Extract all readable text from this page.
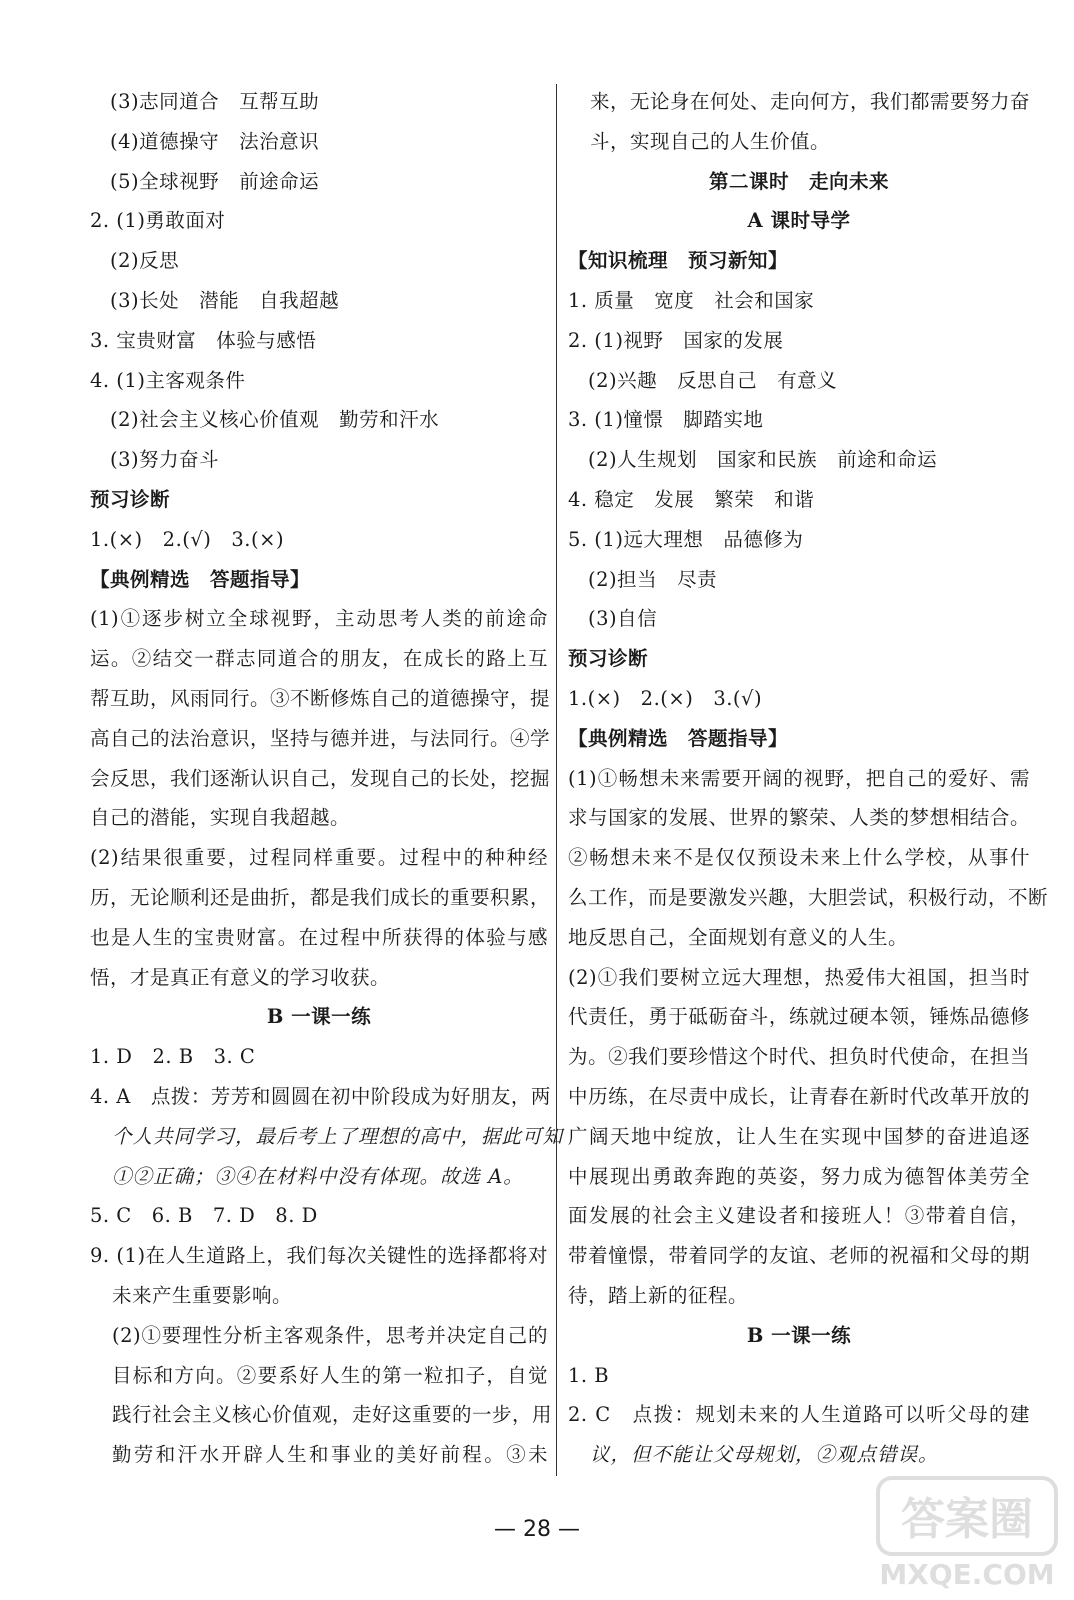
(3)志同道合　互帮互助
(4)道德操守　法治意识
(5)全球视野　前途命运
2. (1)勇敢面对
(2)反思
(3)长处　潜能　自我超越
3. 宝贵财富　体验与感悟
4. (1)主客观条件
(2)社会主义核心价值观　勤劳和汗水
(3)努力奋斗
预习诊断
1.(×)　2.(√)　3.(×)
【典例精选　答题指导】
(1)①逐步树立全球视野，主动思考人类的前途命
运。②结交一群志同道合的朋友，在成长的路上互
帮互助，风雨同行。③不断修炼自己的道德操守，提
高自己的法治意识，坚持与德并进，与法同行。④学
会反思，我们逐渐认识自己，发现自己的长处，挖掘
自己的潜能，实现自我超越。
(2)结果很重要，过程同样重要。过程中的种种经
历，无论顺利还是曲折，都是我们成长的重要积累，
也是人生的宝贵财富。在过程中所获得的体验与感
悟，才是真正有意义的学习收获。
B 一课一练
1. D　2. B　3. C
4. A　点拨：芳芳和圆圆在初中阶段成为好朋友，两
个人共同学习，最后考上了理想的高中，据此可知
①②正确；③④在材料中没有体现。故选 A。
5. C　6. B　7. D　8. D
9. (1)在人生道路上，我们每次关键性的选择都将对
未来产生重要影响。
(2)①要理性分析主客观条件，思考并决定自己的
目标和方向。②要系好人生的第一粒扣子，自觉
践行社会主义核心价值观，走好这重要的一步，用
勤劳和汗水开辟人生和事业的美好前程。③未
来，无论身在何处、走向何方，我们都需要努力奋
斗，实现自己的人生价值。
第二课时　走向未来
A 课时导学
【知识梳理　预习新知】
1. 质量　宽度　社会和国家
2. (1)视野　国家的发展
(2)兴趣　反思自己　有意义
3. (1)憧憬　脚踏实地
(2)人生规划　国家和民族　前途和命运
4. 稳定　发展　繁荣　和谐
5. (1)远大理想　品德修为
(2)担当　尽责
(3)自信
预习诊断
1.(×)　2.(×)　3.(√)
【典例精选　答题指导】
(1)①畅想未来需要开阔的视野，把自己的爱好、需
求与国家的发展、世界的繁荣、人类的梦想相结合。
②畅想未来不是仅仅预设未来上什么学校，从事什
么工作，而是要激发兴趣，大胆尝试，积极行动，不断
地反思自己，全面规划有意义的人生。
(2)①我们要树立远大理想，热爱伟大祖国，担当时
代责任，勇于砥砺奋斗，练就过硬本领，锤炼品德修
为。②我们要珍惜这个时代、担负时代使命，在担当
中历练，在尽责中成长，让青春在新时代改革开放的
广阔天地中绽放，让人生在实现中国梦的奋进追逐
中展现出勇敢奔跑的英姿，努力成为德智体美劳全
面发展的社会主义建设者和接班人！③带着自信，
带着憧憬，带着同学的友谊、老师的祝福和父母的期
待，踏上新的征程。
B 一课一练
1. B
2. C　点拨：规划未来的人生道路可以听父母的建
议，但不能让父母规划，②观点错误。
— 28 —	答案圈
MXQE.COM
